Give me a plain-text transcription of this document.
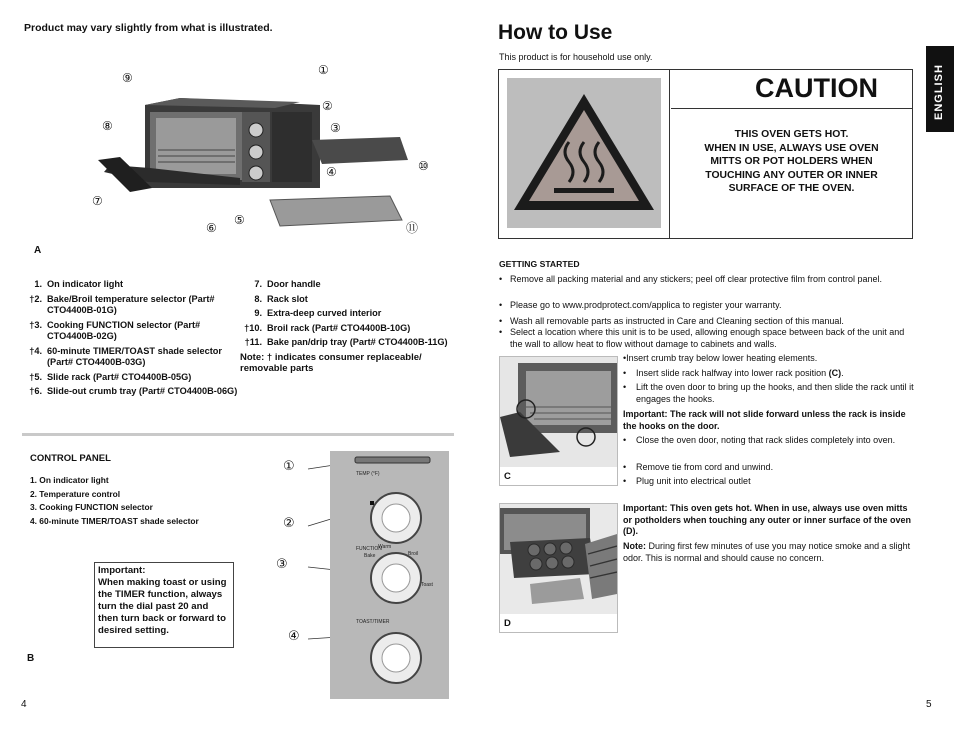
Product may vary slightly from what is illustrated.
①
②
③
④
⑤
⑥
⑦
⑧
⑨
⑩
⑪
A
1. On indicator light
†2. Bake/Broil temperature selector (Part# CTO4400B-01G)
†3. Cooking FUNCTION selector (Part# CTO4400B-02G)
†4. 60-minute TIMER/TOAST shade selector (Part# CTO4400B-03G)
†5. Slide rack (Part# CTO4400B-05G)
†6. Slide-out crumb tray (Part# CTO4400B-06G)
7. Door handle
8. Rack slot
9. Extra-deep curved interior
†10. Broil rack (Part# CTO4400B-10G)
†11. Bake pan/drip tray (Part# CTO4400B-11G)
Note: † indicates consumer replaceable/ removable parts
CONTROL PANEL
1. On indicator light
2. Temperature control
3. Cooking FUNCTION selector
4. 60-minute TIMER/TOAST shade selector
Important:
When making toast or using the TIMER function, always turn the dial past 20 and then turn back or forward to desired setting.
B
①
②
③
④
TEMP (°F)
Warm
FUNCTION
Bake	Broil
Toast
TOAST/TIMER
4
How to Use
This product is for household use only.
CAUTION
THIS OVEN GETS HOT.
WHEN IN USE, ALWAYS USE OVEN
MITTS OR POT HOLDERS WHEN
TOUCHING ANY OUTER OR INNER
SURFACE OF THE OVEN.
ENGLISH
GETTING STARTED
• Remove all packing material and any stickers; peel off clear protective film from control panel.
• Please go to www.prodprotect.com/applica to register your warranty.
• Wash all removable parts as instructed in Care and Cleaning section of this manual.
• Select a location where this unit is to be used, allowing enough space between back of the unit and the wall to allow heat to flow without damage to cabinets and walls.
C
•Insert crumb tray below lower heating elements.
•	Insert slide rack halfway into lower rack position (C).
•	Lift the oven door to bring up the hooks, and then slide the rack until it engages the hooks.
Important: The rack will not slide forward unless the rack is inside the hooks on the door.
•	Close the oven door, noting that rack slides completely into oven.
•	Remove tie from cord and unwind.
•	Plug unit into electrical outlet
D
Important: This oven gets hot. When in use, always use oven mitts or potholders when touching any outer or inner surface of the oven (D).
Note: During first few minutes of use you may notice smoke and a slight odor. This is normal and should cause no concern.
5
